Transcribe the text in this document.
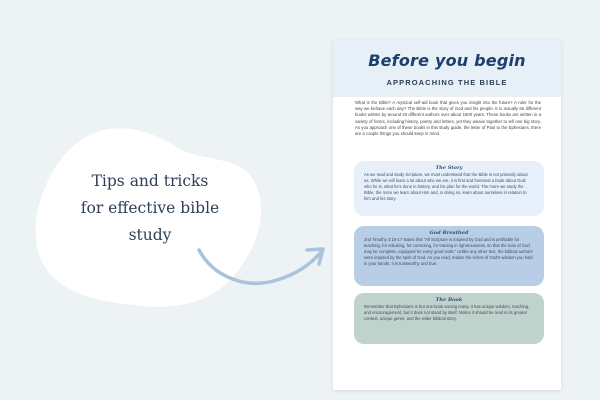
Tips and tricks
for effective bible
study
Before you begin
APPROACHING THE BIBLE
What is the Bible? A mystical self-aid book that gives you insight into the future? A ruler for the way we behave each day? The Bible is the story of God and his people. It is actually 66 different books written by around 40 different authors over about 1500 years. These books are written in a variety of forms, including history, poetry and letters, yet they weave together to tell one big story. As you approach one of these books in this study guide, the letter of Paul to the Ephesians, there are a couple things you should keep in mind.
The Story
As we read and study Scripture, we must understand that the Bible is not primarily about us. While we will learn a lot about who we are, it is first and foremost a book about God: who he is, what he's done in history, and his plan for the world. The more we study the Bible, the more we learn about Him and, in doing so, learn about ourselves in relation to him and his story.
God Breathed
2nd Timothy 3:16-17 states that "All Scripture is inspired by God and is profitable for teaching, for rebuking, for correcting, for training in righteousness, so that the man of God may be complete, equipped for every good work." Unlike any other text, the biblical authors were inspired by the spirit of God. As you read, realize the riches of God's wisdom you hold in your hands. It is trustworthy and true.
The Book
Remember that Ephesians is but one book among many. It has unique wisdom, teaching, and encouragement, but it does not stand by itself. Notice it should be read in its greater context, unique genre, and the wider biblical story.
